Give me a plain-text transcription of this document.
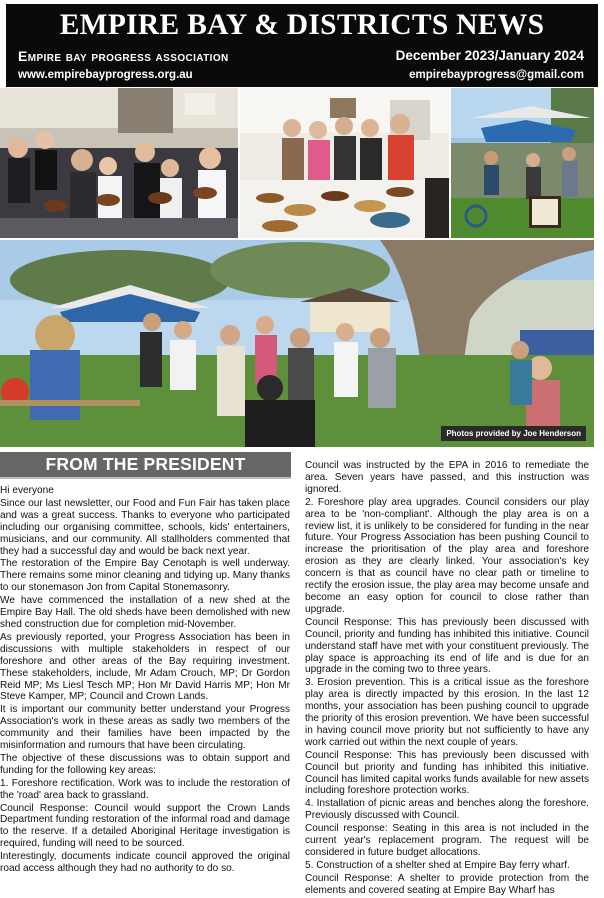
EMPIRE BAY & DISTRICTS NEWS
Empire bay progress association	December 2023/January 2024
www.empirebayprogress.org.au	empirebayprogress@gmail.com
Photos provided by Joe Henderson
FROM THE PRESIDENT

Hi everyone

Since our last newsletter, our Food and Fun Fair has taken place and was a great success. Thanks to everyone who participated including our organising committee, schools, kids' entertainers, musicians, and our community. All stallholders commented that they had a successful day and would be back next year.

The restoration of the Empire Bay Cenotaph is well underway. There remains some minor cleaning and tidying up. Many thanks to our stonemason Jon from Capital Stonemasonry.

We have commenced the installation of a new shed at the Empire Bay Hall. The old sheds have been demolished with new shed construction due for completion mid-November.

As previously reported, your Progress Association has been in discussions with multiple stakeholders in respect of our foreshore and other areas of the Bay requiring investment. These stakeholders, include, Mr Adam Crouch, MP; Dr Gordon Reid MP; Ms Liesl Tesch MP; Hon Mr David Harris MP; Hon Mr Steve Kamper, MP; Council and Crown Lands.

It is important our community better understand your Progress Association's work in these areas as sadly two members of the community and their families have been impacted by the misinformation and rumours that have been circulating.

The objective of these discussions was to obtain support and funding for the following key areas:

1. Foreshore rectification. Work was to include the restoration of the 'road' area back to grassland.

Council Response: Council would support the Crown Lands Department funding restoration of the informal road and damage to the reserve. If a detailed Aboriginal Heritage investigation is required, funding will need to be sourced.

Interestingly, documents indicate council approved the original road access although they had no authority to do so.

Council was instructed by the EPA in 2016 to remediate the area. Seven years have passed, and this instruction was ignored.

2. Foreshore play area upgrades. Council considers our play area to be 'non-compliant'. Although the play area is on a review list, it is unlikely to be considered for funding in the near future. Your Progress Association has been pushing Council to increase the prioritisation of the play area and foreshore erosion as they are clearly linked. Your association's key concern is that as council have no clear path or timeline to rectify the erosion issue, the play area may become unsafe and become an easy option for council to close rather than upgrade.

Council Response: This has previously been discussed with Council, priority and funding has inhibited this initiative. Council understand staff have met with your constituent previously. The play space is approaching its end of life and is due for an upgrade in the coming two to three years.

3. Erosion prevention. This is a critical issue as the foreshore play area is directly impacted by this erosion. In the last 12 months, your association has been pushing council to upgrade the priority of this erosion prevention. We have been successful in having council move priority but not sufficiently to have any work carried out within the next couple of years.

Council Response: This has previously been discussed with Council but priority and funding has inhibited this initiative. Council has limited capital works funds available for new assets including foreshore protection works.

4. Installation of picnic areas and benches along the foreshore. Previously discussed with Council.

Council response: Seating in this area is not included in the current year's replacement program. The request will be considered in future budget allocations.

5. Construction of a shelter shed at Empire Bay ferry wharf.

Council Response: A shelter to provide protection from the elements and covered seating at Empire Bay Wharf has
